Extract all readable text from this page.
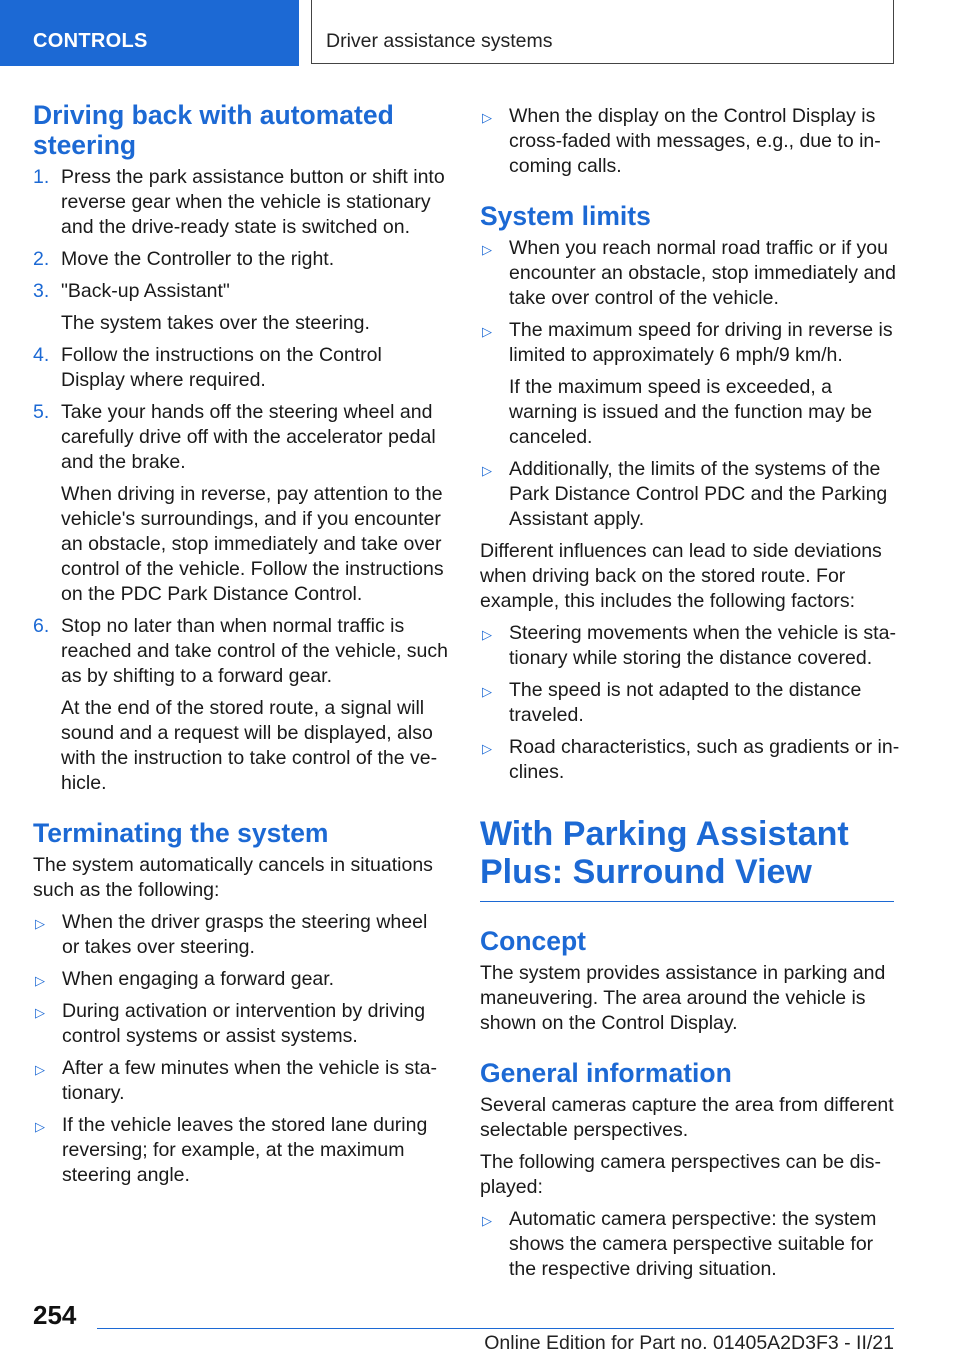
CONTROLS	Driver assistance systems
Driving back with automated steering
1. Press the park assistance button or shift into reverse gear when the vehicle is stationary and the drive-ready state is switched on.
2. Move the Controller to the right.
3. "Back-up Assistant"
The system takes over the steering.
4. Follow the instructions on the Control Display where required.
5. Take your hands off the steering wheel and carefully drive off with the accelerator pedal and the brake.
When driving in reverse, pay attention to the vehicle's surroundings, and if you encounter an obstacle, stop immediately and take over control of the vehicle. Follow the instructions on the PDC Park Distance Control.
6. Stop no later than when normal traffic is reached and take control of the vehicle, such as by shifting to a forward gear.
At the end of the stored route, a signal will sound and a request will be displayed, also with the instruction to take control of the vehicle.
Terminating the system

The system automatically cancels in situations such as the following:

▷ When the driver grasps the steering wheel or takes over steering.
▷ When engaging a forward gear.
▷ During activation or intervention by driving control systems or assist systems.
▷ After a few minutes when the vehicle is stationary.
▷ If the vehicle leaves the stored lane during reversing; for example, at the maximum steering angle.
▷ When the display on the Control Display is cross-faded with messages, e.g., due to incoming calls.
System limits
▷ When you reach normal road traffic or if you encounter an obstacle, stop immediately and take over control of the vehicle.
▷ The maximum speed for driving in reverse is limited to approximately 6 mph/9 km/h.
If the maximum speed is exceeded, a warning is issued and the function may be canceled.
▷ Additionally, the limits of the systems of the Park Distance Control PDC and the Parking Assistant apply.

Different influences can lead to side deviations when driving back on the stored route. For example, this includes the following factors:

▷ Steering movements when the vehicle is stationary while storing the distance covered.
▷ The speed is not adapted to the distance traveled.
▷ Road characteristics, such as gradients or inclines.
With Parking Assistant Plus: Surround View
Concept

The system provides assistance in parking and maneuvering. The area around the vehicle is shown on the Control Display.

General information

Several cameras capture the area from different selectable perspectives.

The following camera perspectives can be displayed:

▷ Automatic camera perspective: the system shows the camera perspective suitable for the respective driving situation.
254
Online Edition for Part no. 01405A2D3F3 - II/21
